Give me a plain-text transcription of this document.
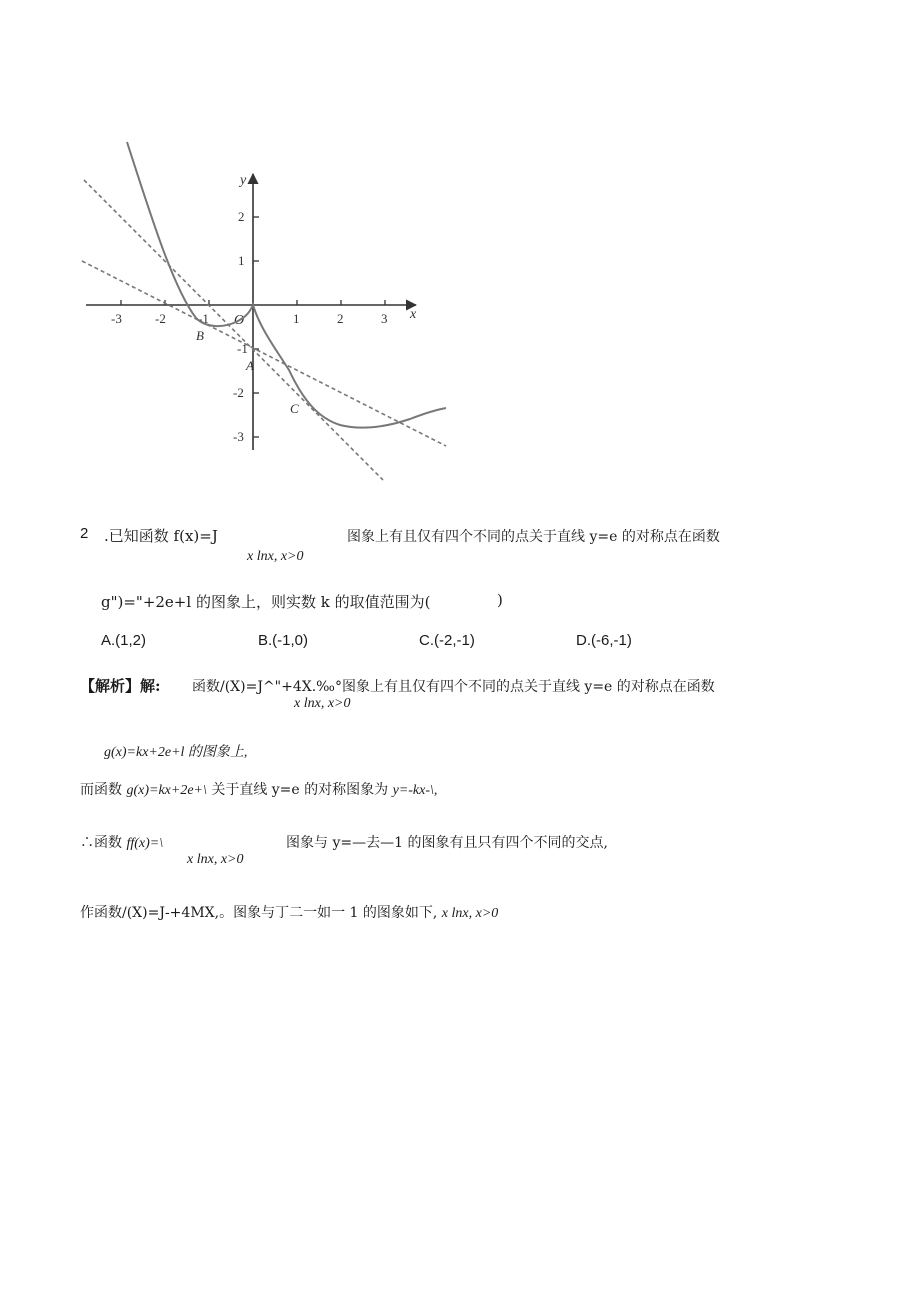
-3	-2 -1	1	2	3
2
1
-1
-2
-3
x
y
O
A
B
C
2 .已知函数 f(x)=J	图象上有且仅有四个不同的点关于直线 y=e 的对称点在函数
x lnx, x>0
g")="+2e+l 的图象上，则实数 k 的取值范围为(	)
A.(1,2)	B.(-1,0)	C.(-2,-1)	D.(-6,-1)
【解析】解: 函数/(X)=J^"+4X.‰°图象上有且仅有四个不同的点关于直线 y=e 的对称点在函数
x lnx, x>0
g(x)=kx+2e+l 的图象上,
而函数 g(x)=kx+2e+\ 关于直线 y=e 的对称图象为 y=-kx-\,
∴函数 ff(x)=\	图象与 y=—去—1 的图象有且只有四个不同的交点,
x lnx, x>0
作函数/(X)=J-+4MX,。图象与丁二一如一 1 的图象如下, x lnx, x>0
